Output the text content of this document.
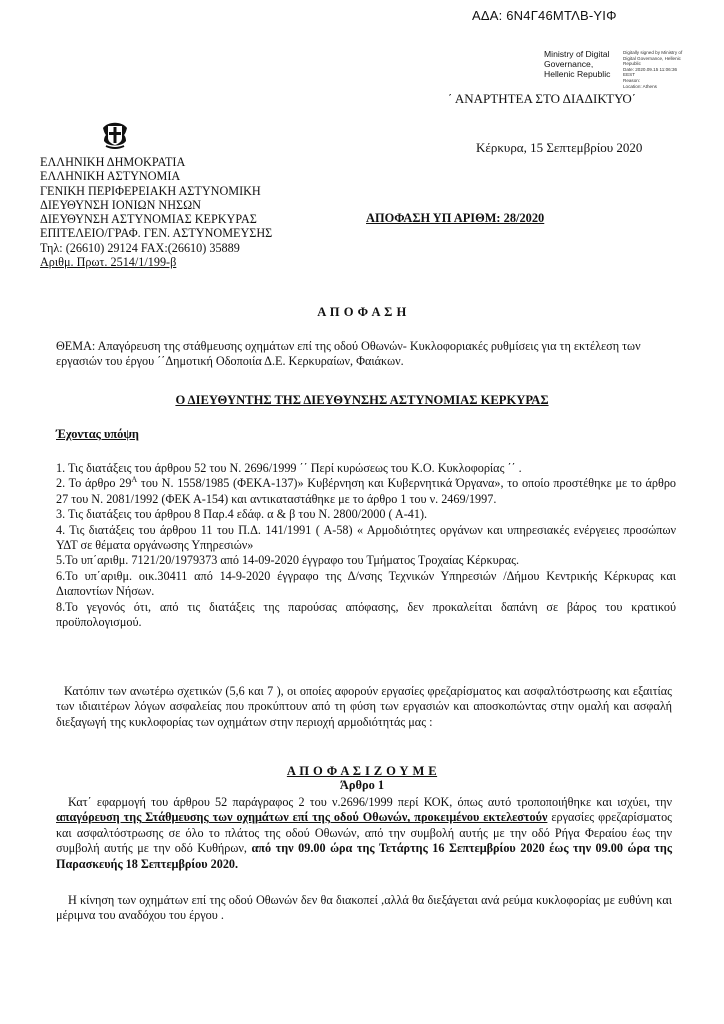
ΑΔΑ: 6Ν4Γ46ΜΤΛΒ-ΥΙΦ
Ministry of Digital
Governance,
Hellenic Republic
Digitally signed by Ministry of
Digital Governance, Hellenic
Republic
Date: 2020.09.15 11:06:36
EEST
Reason:
Location: Athens
΄ ΑΝΑΡΤΗΤΕΑ ΣΤΟ ΔΙΑΔΙΚΤΥΟ΄
Κέρκυρα, 15 Σεπτεμβρίου 2020
ΕΛΛΗΝΙΚΗ ΔΗΜΟΚΡΑΤΙΑ
ΕΛΛΗΝΙΚΗ ΑΣΤΥΝΟΜΙΑ
ΓΕΝΙΚΗ ΠΕΡΙΦΕΡΕΙΑΚΗ ΑΣΤΥΝΟΜΙΚΗ
ΔΙΕΥΘΥΝΣΗ ΙΟΝΙΩΝ ΝΗΣΩΝ
ΔΙΕΥΘΥΝΣΗ ΑΣΤΥΝΟΜΙΑΣ ΚΕΡΚΥΡΑΣ
ΕΠΙΤΕΛΕΙΟ/ΓΡΑΦ. ΓΕΝ. ΑΣΤΥΝΟΜΕΥΣΗΣ
Τηλ: (26610) 29124 FAX:(26610) 35889
Αριθμ. Πρωτ. 2514/1/199-β
ΑΠΟΦΑΣΗ ΥΠ ΑΡΙΘΜ: 28/2020
Α Π Ο Φ Α Σ Η
ΘΕΜΑ: Απαγόρευση της στάθμευσης οχημάτων επί της οδού Οθωνών- Κυκλοφοριακές ρυθμίσεις για τη εκτέλεση των εργασιών του έργου ΄΄Δημοτική Οδοποιία Δ.Ε. Κερκυραίων, Φαιάκων.
Ο ΔΙΕΥΘΥΝΤΗΣ ΤΗΣ ΔΙΕΥΘΥΝΣΗΣ ΑΣΤΥΝΟΜΙΑΣ ΚΕΡΚΥΡΑΣ
Έχοντας υπόψη
1. Τις διατάξεις του άρθρου 52 του Ν. 2696/1999 ΄΄ Περί κυρώσεως του Κ.Ο. Κυκλοφορίας ΄΄ .
2. Το άρθρο $29^A$ του Ν. 1558/1985 (ΦΕΚΑ-137)» Κυβέρνηση και Κυβερνητικά Όργανα», το οποίο προστέθηκε με το άρθρο 27 του Ν. 2081/1992 (ΦΕΚ Α-154) και αντικαταστάθηκε με το άρθρο 1 του ν. 2469/1997.
3. Τις διατάξεις του άρθρου 8 Παρ.4 εδάφ. α & β του Ν. 2800/2000 ( Α-41).
4. Τις διατάξεις του άρθρου 11 του Π.Δ. 141/1991 ( Α-58) « Αρμοδιότητες οργάνων και υπηρεσιακές ενέργειες προσώπων ΥΔΤ σε θέματα οργάνωσης Υπηρεσιών»
5.Το υπ΄αριθμ. 7121/20/1979373 από 14-09-2020 έγγραφο του Τμήματος Τροχαίας Κέρκυρας.
6.Το υπ΄αριθμ. οικ.30411 από 14-9-2020 έγγραφο της Δ/νσης Τεχνικών Υπηρεσιών /Δήμου Κεντρικής Κέρκυρας και Διαποντίων Νήσων.
8.Το γεγονός ότι, από τις διατάξεις της παρούσας απόφασης, δεν προκαλείται δαπάνη σε βάρος του κρατικού προϋπολογισμού.
Κατόπιν των ανωτέρω σχετικών (5,6 και 7 ), οι οποίες αφορούν εργασίες φρεζαρίσματος και ασφαλτόστρωσης και εξαιτίας των ιδιαιτέρων λόγων ασφαλείας που προκύπτουν από τη φύση των εργασιών και αποσκοπώντας στην ομαλή και ασφαλή διεξαγωγή της κυκλοφορίας των οχημάτων στην περιοχή αρμοδιότητάς μας :
Α Π Ο Φ Α Σ Ι Ζ Ο Υ Μ Ε
Άρθρο 1
Κατ΄ εφαρμογή του άρθρου 52 παράγραφος 2 του ν.2696/1999 περί ΚΟΚ, όπως αυτό τροποποιήθηκε και ισχύει, την απαγόρευση της Στάθμευσης των οχημάτων επί της οδού Οθωνών, προκειμένου εκτελεστούν εργασίες φρεζαρίσματος και ασφαλτόστρωσης σε όλο το πλάτος της οδού Οθωνών, από την συμβολή αυτής με την οδό Ρήγα Φεραίου έως την συμβολή αυτής με την οδό Κυθήρων, από την 09.00 ώρα της Τετάρτης 16 Σεπτεμβρίου 2020 έως την 09.00 ώρα της Παρασκευής 18 Σεπτεμβρίου 2020.
Η κίνηση των οχημάτων επί της οδού Οθωνών δεν θα διακοπεί ,αλλά θα διεξάγεται ανά ρεύμα κυκλοφορίας με ευθύνη και μέριμνα του αναδόχου του έργου .
